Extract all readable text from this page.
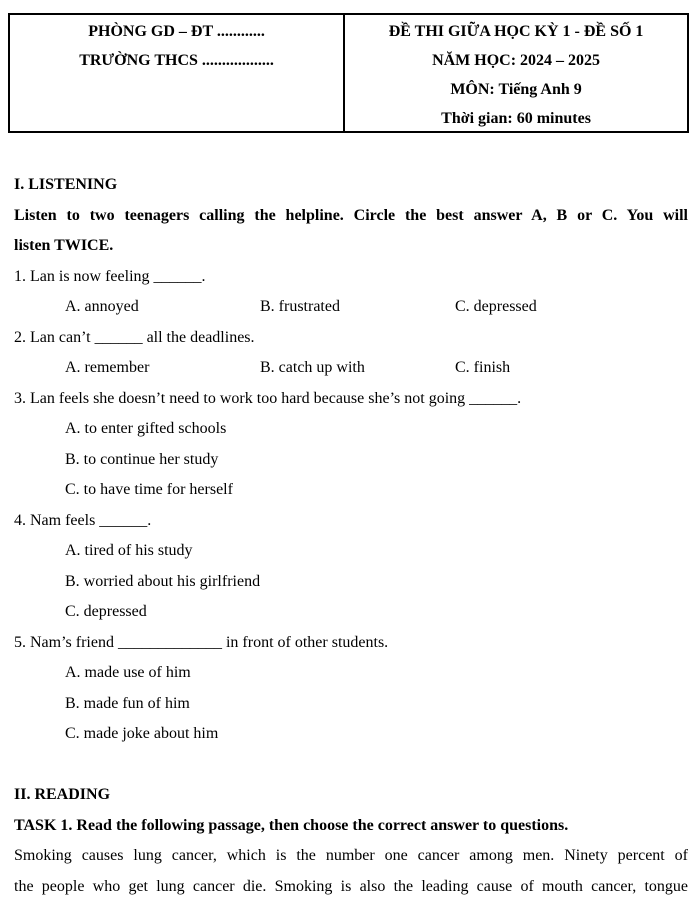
PHÒNG GD – ĐT ............
TRƯỜNG THCS ..................
ĐỀ THI GIỮA HỌC KỲ 1 - ĐỀ SỐ 1
NĂM HỌC: 2024 – 2025
MÔN: Tiếng Anh 9
Thời gian: 60 minutes
I. LISTENING
Listen to two teenagers calling the helpline. Circle the best answer A, B or C. You will
listen TWICE.
1. Lan is now feeling ______.
A. annoyed	B. frustrated	C. depressed
2. Lan can’t ______ all the deadlines.
A. remember	B. catch up with	C. finish
3. Lan feels she doesn’t need to work too hard because she’s not going ______.
A. to enter gifted schools
B. to continue her study
C. to have time for herself
4. Nam feels ______.
A. tired of his study
B. worried about his girlfriend
C. depressed
5. Nam’s friend _____________ in front of other students.
A. made use of him
B. made fun of him
C. made joke about him
II. READING
TASK 1. Read the following passage, then choose the correct answer to questions.
Smoking causes lung cancer, which is the number one cancer among men. Ninety percent of
the people who get lung cancer die. Smoking is also the leading cause of mouth cancer, tongue
